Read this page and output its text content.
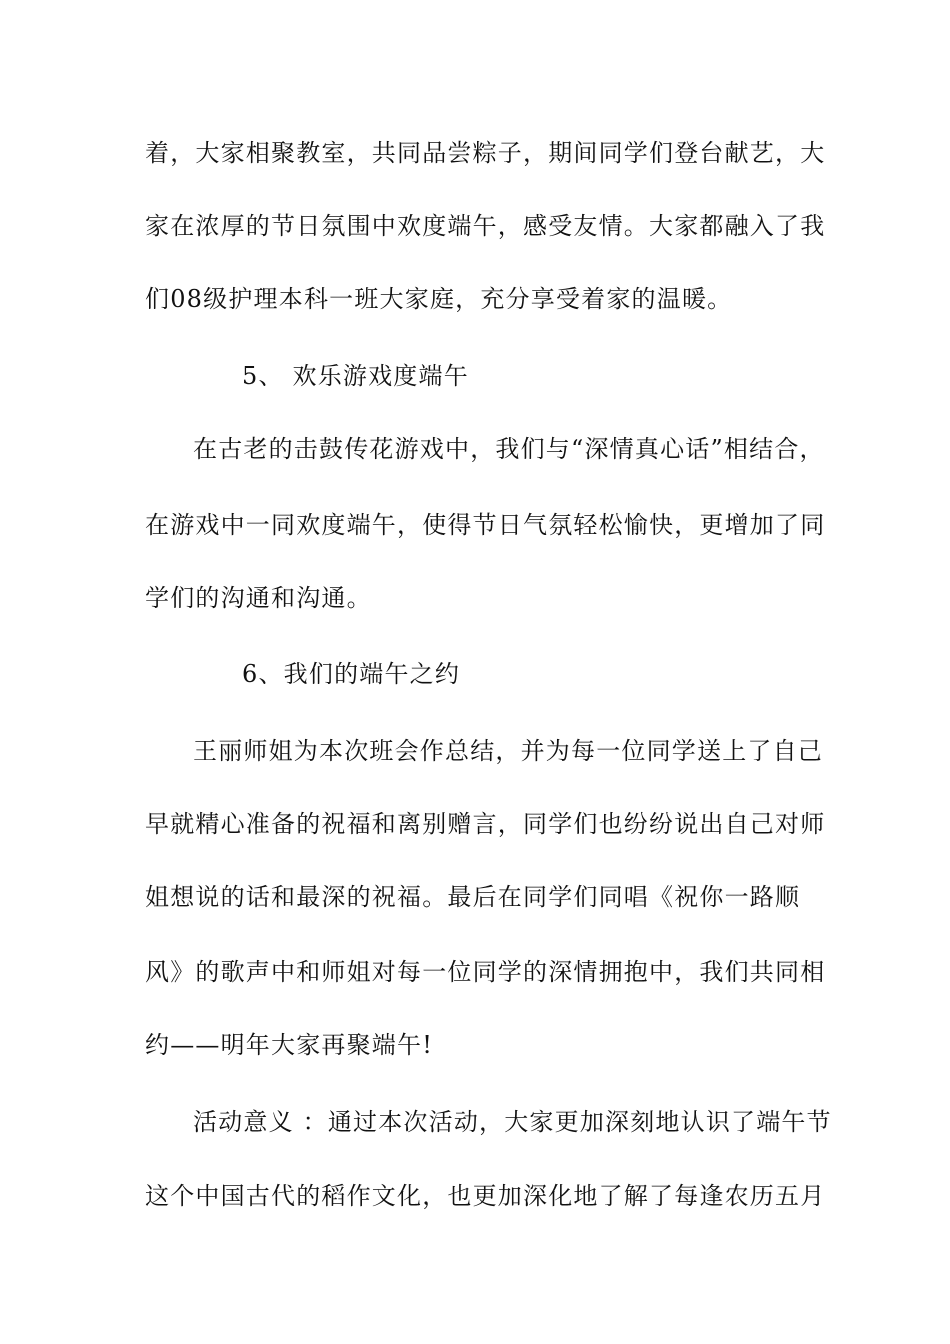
着，大家相聚教室，共同品尝粽子，期间同学们登台献艺，大
家在浓厚的节日氛围中欢度端午，感受友情。大家都融入了我
们08级护理本科一班大家庭，充分享受着家的温暖。
5、 欢乐游戏度端午
在古老的击鼓传花游戏中，我们与“深情真心话”相结合，
在游戏中一同欢度端午，使得节日气氛轻松愉快，更增加了同
学们的沟通和沟通。
6、我们的端午之约
王丽师姐为本次班会作总结，并为每一位同学送上了自己
早就精心准备的祝福和离别赠言，同学们也纷纷说出自己对师
姐想说的话和最深的祝福。最后在同学们同唱《祝你一路顺
风》的歌声中和师姐对每一位同学的深情拥抱中，我们共同相
约——明年大家再聚端午!
活动意义 ：通过本次活动，大家更加深刻地认识了端午节
这个中国古代的稻作文化，也更加深化地了解了每逢农历五月
